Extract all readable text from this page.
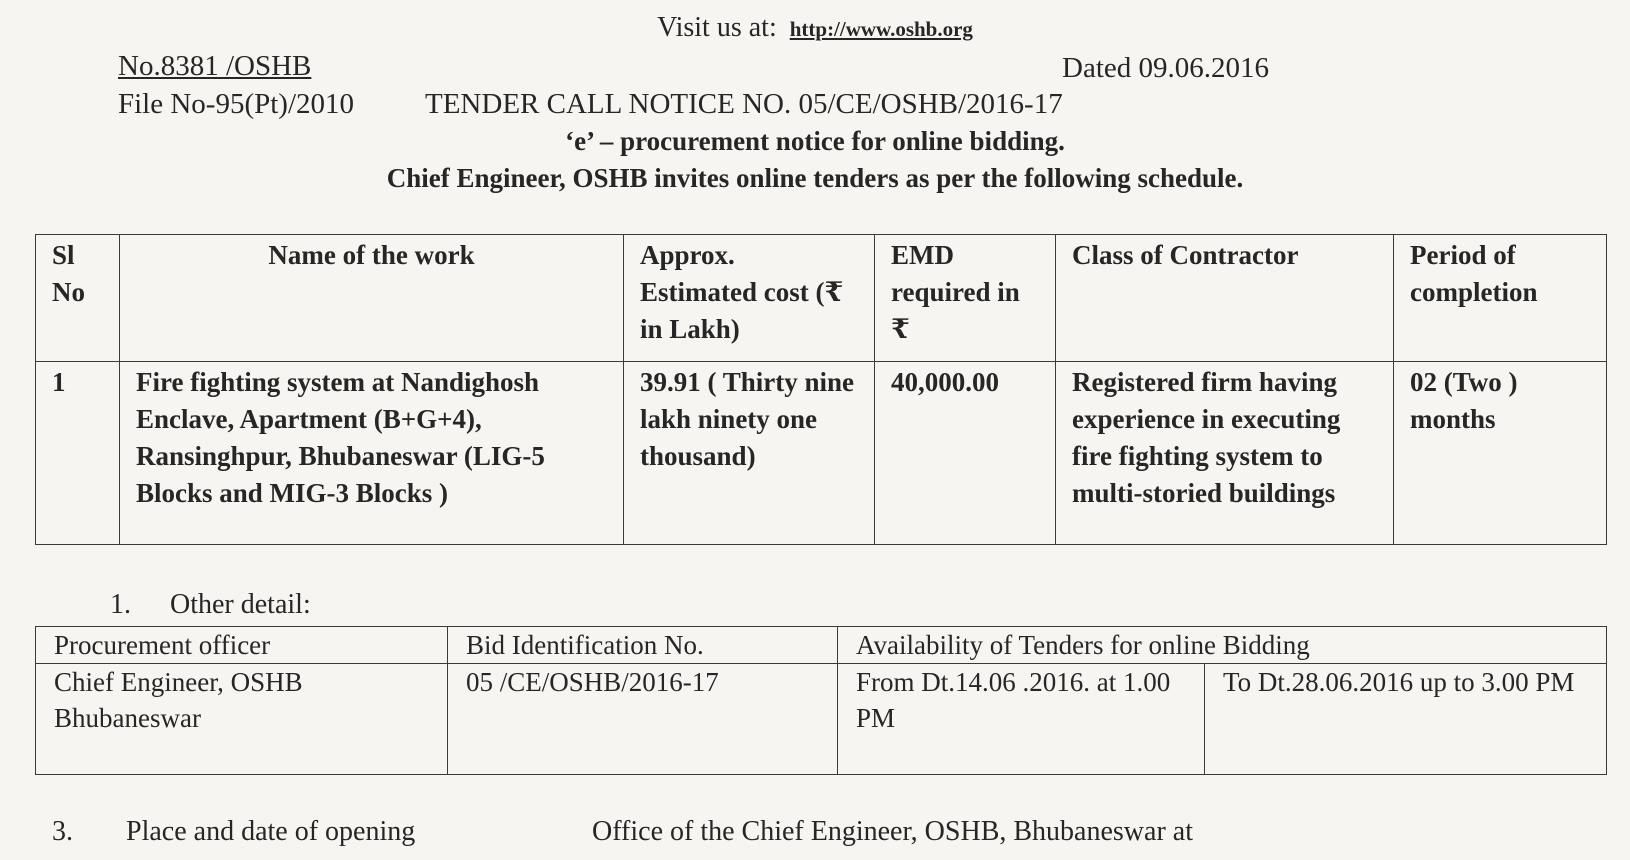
Visit us at: http://www.oshb.org
No.8381 /OSHB	Dated 09.06.2016
File No-95(Pt)/2010 TENDER CALL NOTICE NO. 05/CE/OSHB/2016-17
‘e’ – procurement notice for online bidding.
Chief Engineer, OSHB invites online tenders as per the following schedule.
Sl No	Name of the work	Approx. Estimated cost (₹ in Lakh)	EMD required in ₹	Class of Contractor	Period of completion
1	Fire fighting system at Nandighosh Enclave, Apartment (B+G+4), Ransinghpur, Bhubaneswar (LIG-5 Blocks and MIG-3 Blocks )	39.91 ( Thirty nine lakh ninety one thousand)	40,000.00	Registered firm having experience in executing fire fighting system to multi-storied buildings	02 (Two ) months
1. Other detail:
Procurement officer	Bid Identification No.	Availability of Tenders for online Bidding	
Chief Engineer, OSHB Bhubaneswar	05 /CE/OSHB/2016-17	From Dt.14.06 .2016. at 1.00 PM	To Dt.28.06.2016 up to 3.00 PM
3. Place and date of opening	Office of the Chief Engineer, OSHB, Bhubaneswar at
